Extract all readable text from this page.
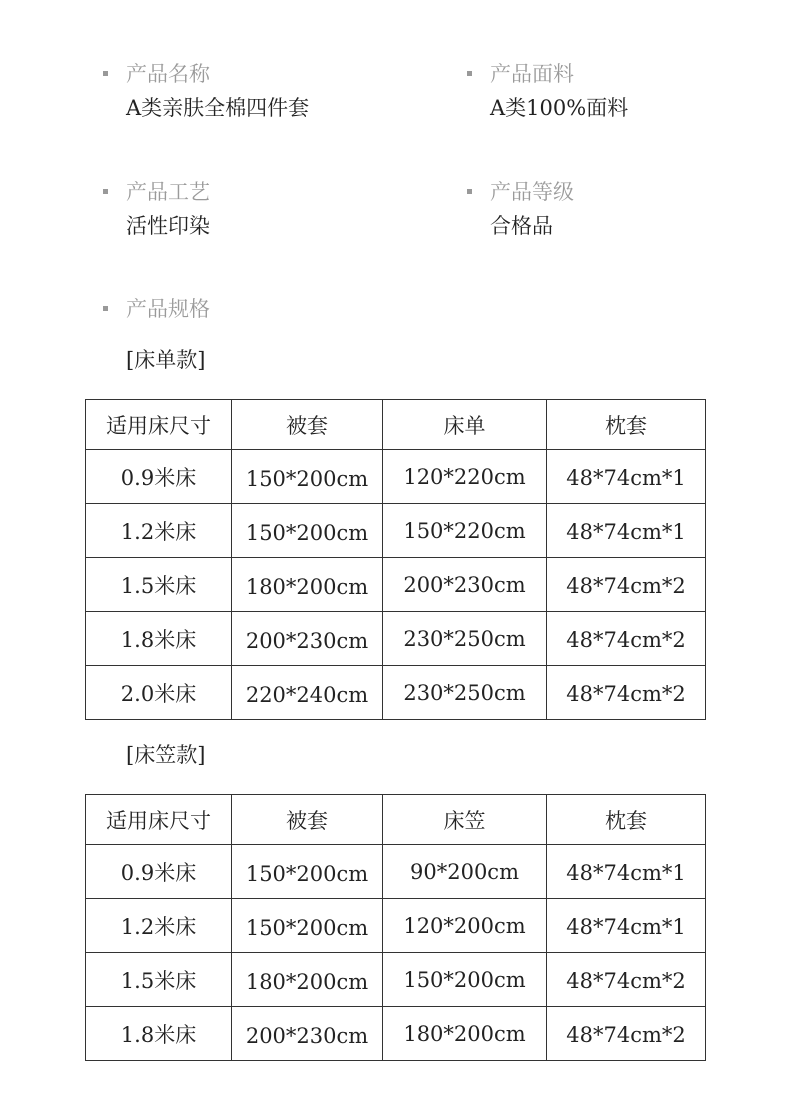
产品名称
A类亲肤全棉四件套
产品面料
A类100%面料
产品工艺
活性印染
产品等级
合格品
产品规格
[床单款]
适用床尺寸	被套	床单	枕套
0.9米床	150*200cm	120*220cm	48*74cm*1
1.2米床	150*200cm	150*220cm	48*74cm*1
1.5米床	180*200cm	200*230cm	48*74cm*2
1.8米床	200*230cm	230*250cm	48*74cm*2
2.0米床	220*240cm	230*250cm	48*74cm*2
[床笠款]
适用床尺寸	被套	床笠	枕套
0.9米床	150*200cm	90*200cm	48*74cm*1
1.2米床	150*200cm	120*200cm	48*74cm*1
1.5米床	180*200cm	150*200cm	48*74cm*2
1.8米床	200*230cm	180*200cm	48*74cm*2
